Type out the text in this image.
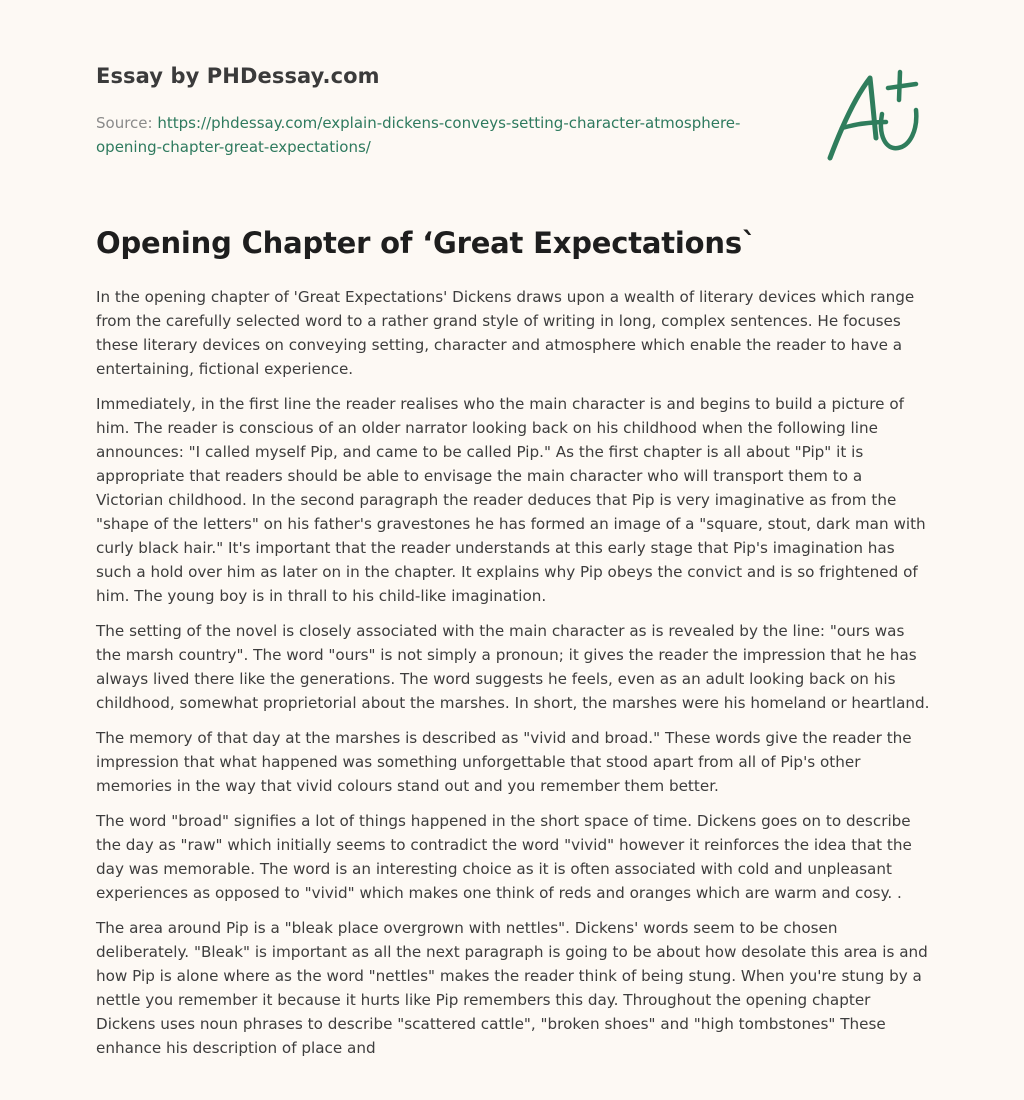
Essay by PHDessay.com
Source: https://phdessay.com/explain-dickens-conveys-setting-character-atmosphere-opening-chapter-great-expectations/
Opening Chapter of ‘Great Expectations`

In the opening chapter of 'Great Expectations' Dickens draws upon a wealth of literary devices which range from the carefully selected word to a rather grand style of writing in long, complex sentences. He focuses these literary devices on conveying setting, character and atmosphere which enable the reader to have a entertaining, fictional experience.

Immediately, in the first line the reader realises who the main character is and begins to build a picture of him. The reader is conscious of an older narrator looking back on his childhood when the following line announces: "I called myself Pip, and came to be called Pip." As the first chapter is all about "Pip" it is appropriate that readers should be able to envisage the main character who will transport them to a Victorian childhood. In the second paragraph the reader deduces that Pip is very imaginative as from the "shape of the letters" on his father's gravestones he has formed an image of a "square, stout, dark man with curly black hair." It's important that the reader understands at this early stage that Pip's imagination has such a hold over him as later on in the chapter. It explains why Pip obeys the convict and is so frightened of him. The young boy is in thrall to his child-like imagination.

The setting of the novel is closely associated with the main character as is revealed by the line: "ours was the marsh country". The word "ours" is not simply a pronoun; it gives the reader the impression that he has always lived there like the generations. The word suggests he feels, even as an adult looking back on his childhood, somewhat proprietorial about the marshes. In short, the marshes were his homeland or heartland.

The memory of that day at the marshes is described as "vivid and broad." These words give the reader the impression that what happened was something unforgettable that stood apart from all of Pip's other memories in the way that vivid colours stand out and you remember them better.

The word "broad" signifies a lot of things happened in the short space of time. Dickens goes on to describe the day as "raw" which initially seems to contradict the word "vivid" however it reinforces the idea that the day was memorable. The word is an interesting choice as it is often associated with cold and unpleasant experiences as opposed to "vivid" which makes one think of reds and oranges which are warm and cosy. .

The area around Pip is a "bleak place overgrown with nettles". Dickens' words seem to be chosen deliberately. "Bleak" is important as all the next paragraph is going to be about how desolate this area is and how Pip is alone where as the word "nettles" makes the reader think of being stung. When you're stung by a nettle you remember it because it hurts like Pip remembers this day. Throughout the opening chapter Dickens uses noun phrases to describe "scattered cattle", "broken shoes" and "high tombstones" These enhance his description of place and
